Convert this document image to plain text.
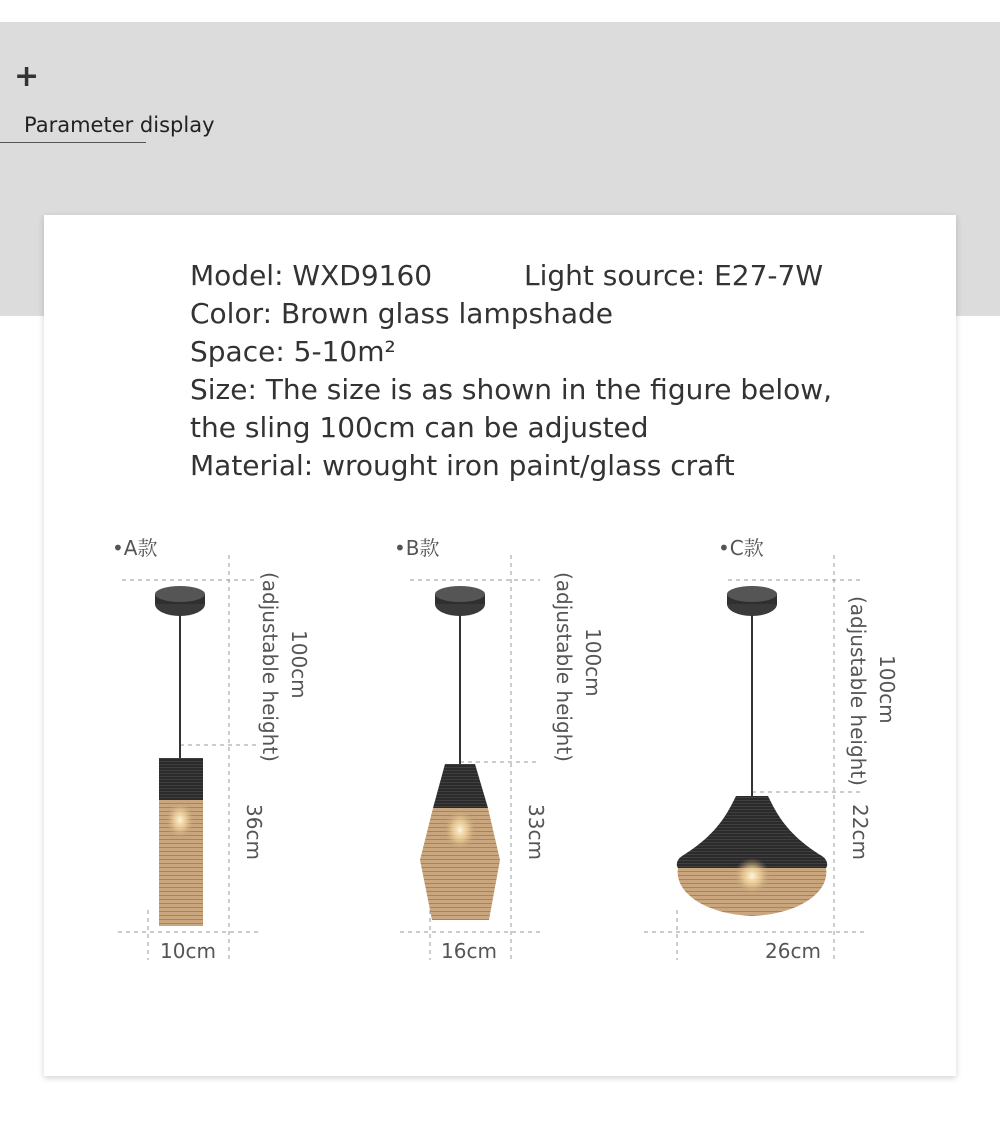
+
Parameter display
Model: WXD9160	Light source: E27-7W
Color: Brown glass lampshade
Space: 5-10m²
Size: The size is as shown in the figure below,
the sling 100cm can be adjusted
Material: wrought iron paint/glass craft
•A款
100cm
(adjustable height)
36cm
10cm
•B款
100cm
(adjustable height)
33cm
16cm
•C款
100cm
(adjustable height)
22cm
26cm
